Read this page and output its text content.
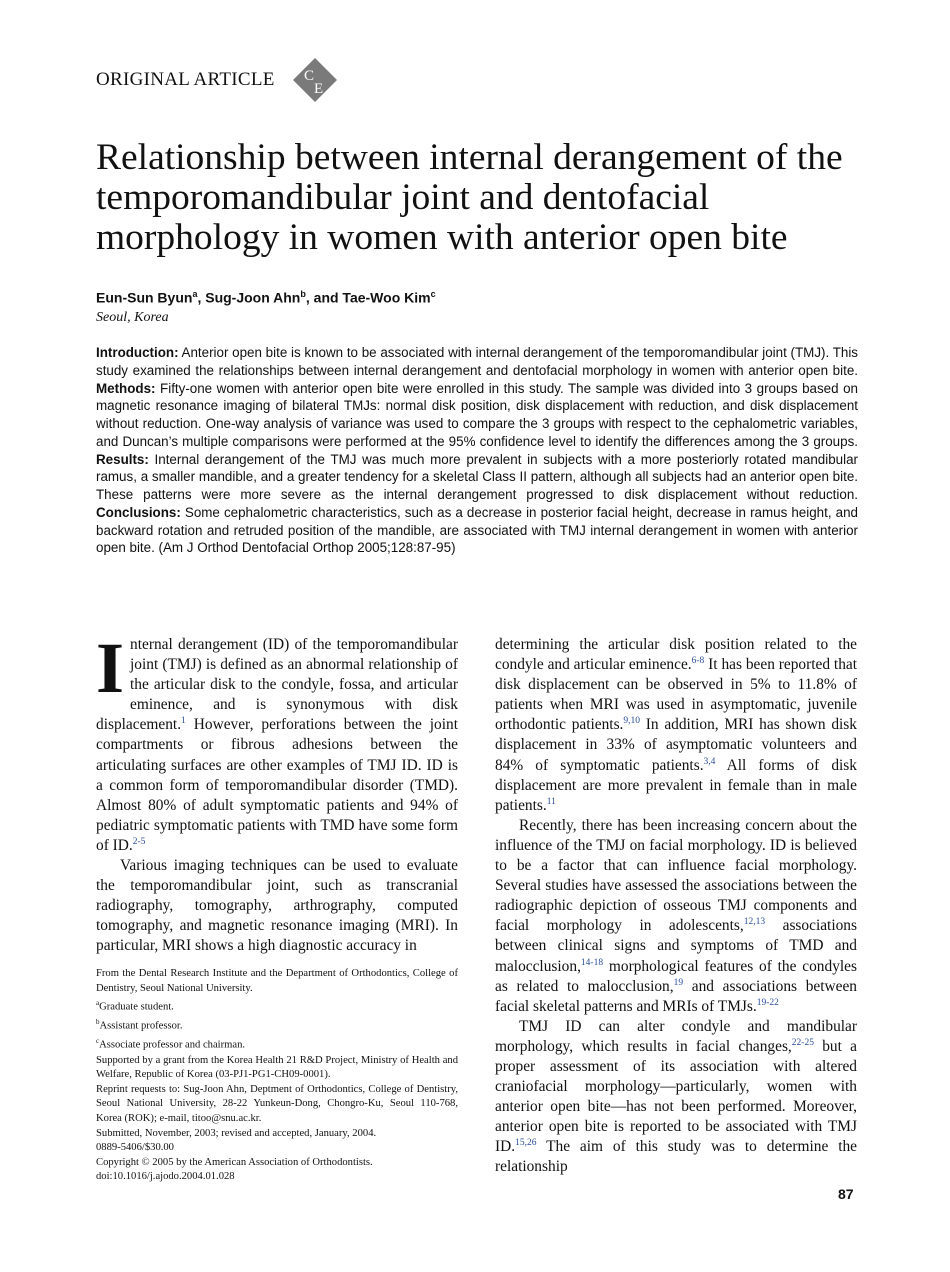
ORIGINAL ARTICLE C
E
Relationship between internal derangement of the temporomandibular joint and dentofacial morphology in women with anterior open bite
Eun-Sun Byun$^a$, Sug-Joon Ahn$^b$, and Tae-Woo Kim$^c$
Seoul, Korea

Introduction: Anterior open bite is known to be associated with internal derangement of the temporomandibular joint (TMJ). This study examined the relationships between internal derangement and dentofacial morphology in women with anterior open bite. Methods: Fifty-one women with anterior open bite were enrolled in this study. The sample was divided into 3 groups based on magnetic resonance imaging of bilateral TMJs: normal disk position, disk displacement with reduction, and disk displacement without reduction. One-way analysis of variance was used to compare the 3 groups with respect to the cephalometric variables, and Duncan’s multiple comparisons were performed at the 95% confidence level to identify the differences among the 3 groups. Results: Internal derangement of the TMJ was much more prevalent in subjects with a more posteriorly rotated mandibular ramus, a smaller mandible, and a greater tendency for a skeletal Class II pattern, although all subjects had an anterior open bite. These patterns were more severe as the internal derangement progressed to disk displacement without reduction. Conclusions: Some cephalometric characteristics, such as a decrease in posterior facial height, decrease in ramus height, and backward rotation and retruded position of the mandible, are associated with TMJ internal derangement in women with anterior open bite. (Am J Orthod Dentofacial Orthop 2005;128:87-95)

Internal derangement (ID) of the temporomandibular joint (TMJ) is defined as an abnormal relationship of the articular disk to the condyle, fossa, and articular eminence, and is synonymous with disk displacement.$^1$ However, perforations between the joint compartments or fibrous adhesions between the articulating surfaces are other examples of TMJ ID. ID is a common form of temporomandibular disorder (TMD). Almost 80% of adult symptomatic patients and 94% of pediatric symptomatic patients with TMD have some form of ID.$^{2-5}$

Various imaging techniques can be used to evaluate the temporomandibular joint, such as transcranial radiography, tomography, arthrography, computed tomography, and magnetic resonance imaging (MRI). In particular, MRI shows a high diagnostic accuracy in

determining the articular disk position related to the condyle and articular eminence.$^{6-8}$ It has been reported that disk displacement can be observed in 5% to 11.8% of patients when MRI was used in asymptomatic, juvenile orthodontic patients.$^{9,10}$ In addition, MRI has shown disk displacement in 33% of asymptomatic volunteers and 84% of symptomatic patients.$^{3,4}$ All forms of disk displacement are more prevalent in female than in male patients.$^{11}$

Recently, there has been increasing concern about the influence of the TMJ on facial morphology. ID is believed to be a factor that can influence facial morphology. Several studies have assessed the associations between the radiographic depiction of osseous TMJ components and facial morphology in adolescents,$^{12,13}$ associations between clinical signs and symptoms of TMD and malocclusion,$^{14-18}$ morphological features of the condyles as related to malocclusion,$^{19}$ and associations between facial skeletal patterns and MRIs of TMJs.$^{19-22}$

TMJ ID can alter condyle and mandibular morphology, which results in facial changes,$^{22-25}$ but a proper assessment of its association with altered craniofacial morphology—particularly, women with anterior open bite—has not been performed. Moreover, anterior open bite is reported to be associated with TMJ ID.$^{15,26}$ The aim of this study was to determine the relationship

From the Dental Research Institute and the Department of Orthodontics, College of Dentistry, Seoul National University.
$^a$Graduate student.
$^b$Assistant professor.
$^c$Associate professor and chairman.
Supported by a grant from the Korea Health 21 R&D Project, Ministry of Health and Welfare, Republic of Korea (03-PJ1-PG1-CH09-0001).
Reprint requests to: Sug-Joon Ahn, Deptment of Orthodontics, College of Dentistry, Seoul National University, 28-22 Yunkeun-Dong, Chongro-Ku, Seoul 110-768, Korea (ROK); e-mail, titoo@snu.ac.kr.
Submitted, November, 2003; revised and accepted, January, 2004.
0889-5406/$30.00
Copyright © 2005 by the American Association of Orthodontists.
doi:10.1016/j.ajodo.2004.01.028
87
